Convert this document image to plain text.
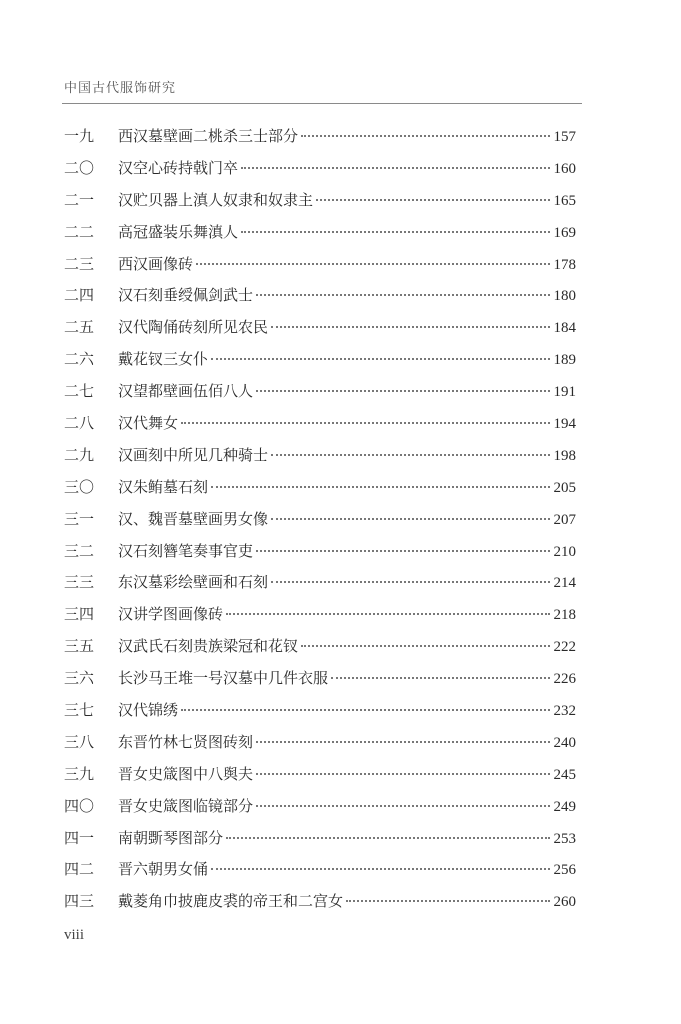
中国古代服饰研究
一九	西汉墓壁画二桃杀三士部分	157
二〇	汉空心砖持戟门卒	160
二一	汉贮贝器上滇人奴隶和奴隶主	165
二二	高冠盛装乐舞滇人	169
二三	西汉画像砖	178
二四	汉石刻垂绶佩剑武士	180
二五	汉代陶俑砖刻所见农民	184
二六	戴花钗三女仆	189
二七	汉望都壁画伍佰八人	191
二八	汉代舞女	194
二九	汉画刻中所见几种骑士	198
三〇	汉朱鲔墓石刻	205
三一	汉、魏晋墓壁画男女像	207
三二	汉石刻簪笔奏事官吏	210
三三	东汉墓彩绘壁画和石刻	214
三四	汉讲学图画像砖	218
三五	汉武氏石刻贵族梁冠和花钗	222
三六	长沙马王堆一号汉墓中几件衣服	226
三七	汉代锦绣	232
三八	东晋竹林七贤图砖刻	240
三九	晋女史箴图中八舆夫	245
四〇	晋女史箴图临镜部分	249
四一	南朝斲琴图部分	253
四二	晋六朝男女俑	256
四三	戴菱角巾披鹿皮裘的帝王和二宫女	260
viii
